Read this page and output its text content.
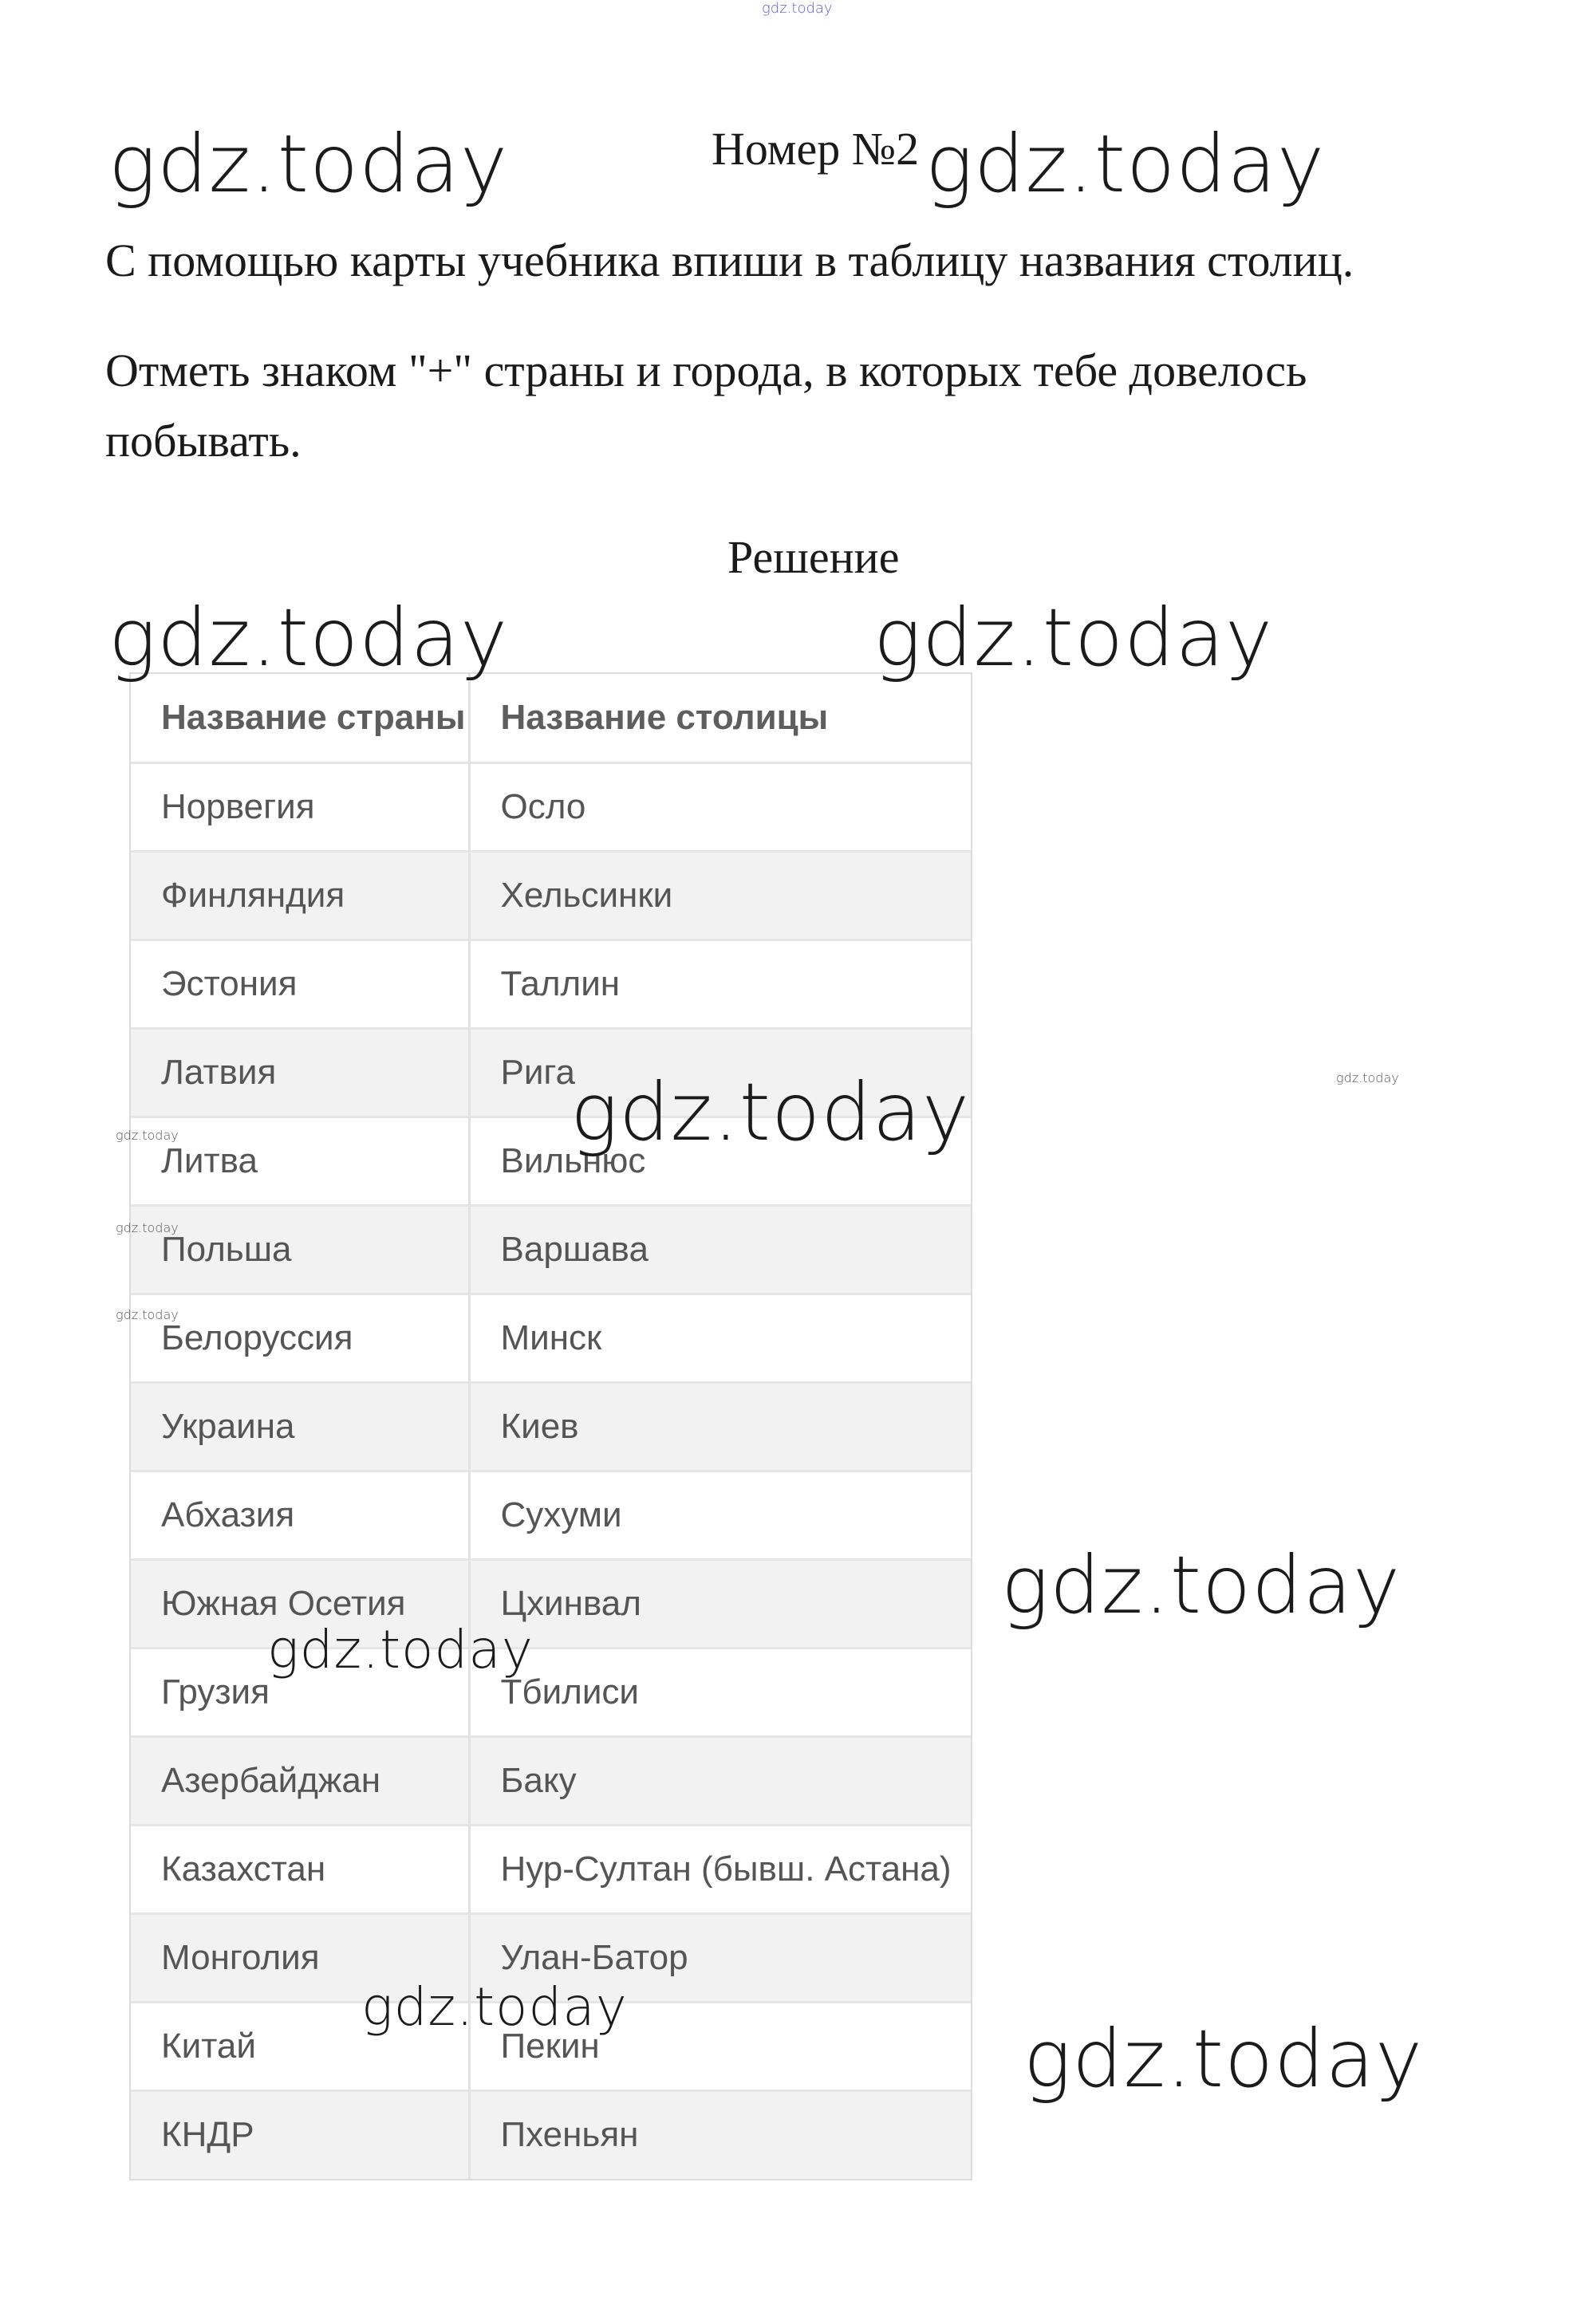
gdz.today
Номер №2
С помощью карты учебника впиши в таблицу названия столиц.
Отметь знаком "+" страны и города, в которых тебе довелось
побывать.
Решение
Название страны	Название столицы
Норвегия	Осло
Финляндия	Хельсинки
Эстония	Таллин
Латвия	Рига
Литва	Вильнюс
Польша	Варшава
Белоруссия	Минск
Украина	Киев
Абхазия	Сухуми
Южная Осетия	Цхинвал
Грузия	Тбилиси
Азербайджан	Баку
Казахстан	Нур-Султан (бывш. Астана)
Монголия	Улан-Батор
Китай	Пекин
КНДР	Пхеньян
gdz.today	gdz.today
gdz.today	gdz.today
gdz.today
gdz.today
gdz.today
gdz.today
gdz.today
gdz.today
gdz.today
gdz.today
gdz.today
